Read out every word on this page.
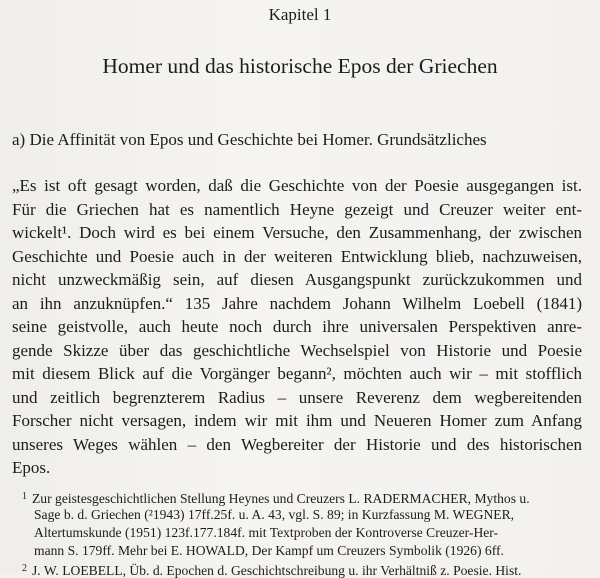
Kapitel 1
Homer und das historische Epos der Griechen
a) Die Affinität von Epos und Geschichte bei Homer. Grundsätzliches
„Es ist oft gesagt worden, daß die Geschichte von der Poesie ausgegangen ist.
Für die Griechen hat es namentlich Heyne gezeigt und Creuzer weiter ent-
wickelt¹. Doch wird es bei einem Versuche, den Zusammenhang, der zwischen
Geschichte und Poesie auch in der weiteren Entwicklung blieb, nachzuweisen,
nicht unzweckmäßig sein, auf diesen Ausgangspunkt zurückzukommen und
an ihn anzuknüpfen.“ 135 Jahre nachdem Johann Wilhelm Loebell (1841)
seine geistvolle, auch heute noch durch ihre universalen Perspektiven anre-
gende Skizze über das geschichtliche Wechselspiel von Historie und Poesie
mit diesem Blick auf die Vorgänger begann², möchten auch wir – mit stofflich
und zeitlich begrenzterem Radius – unsere Reverenz dem wegbereitenden
Forscher nicht versagen, indem wir mit ihm und Neueren Homer zum Anfang
unseres Weges wählen – den Wegbereiter der Historie und des historischen
Epos.
$^1$ Zur geistesgeschichtlichen Stellung Heynes und Creuzers L. RADERMACHER, Mythos u.
Sage b. d. Griechen (²1943) 17ff.25f. u. A. 43, vgl. S. 89; in Kurzfassung M. WEGNER,
Altertumskunde (1951) 123f.177.184f. mit Textproben der Kontroverse Creuzer-Her-
mann S. 179ff. Mehr bei E. HOWALD, Der Kampf um Creuzers Symbolik (1926) 6ff.
$^2$ J. W. LOEBELL, Üb. d. Epochen d. Geschichtschreibung u. ihr Verhältniß z. Poesie. Hist.
